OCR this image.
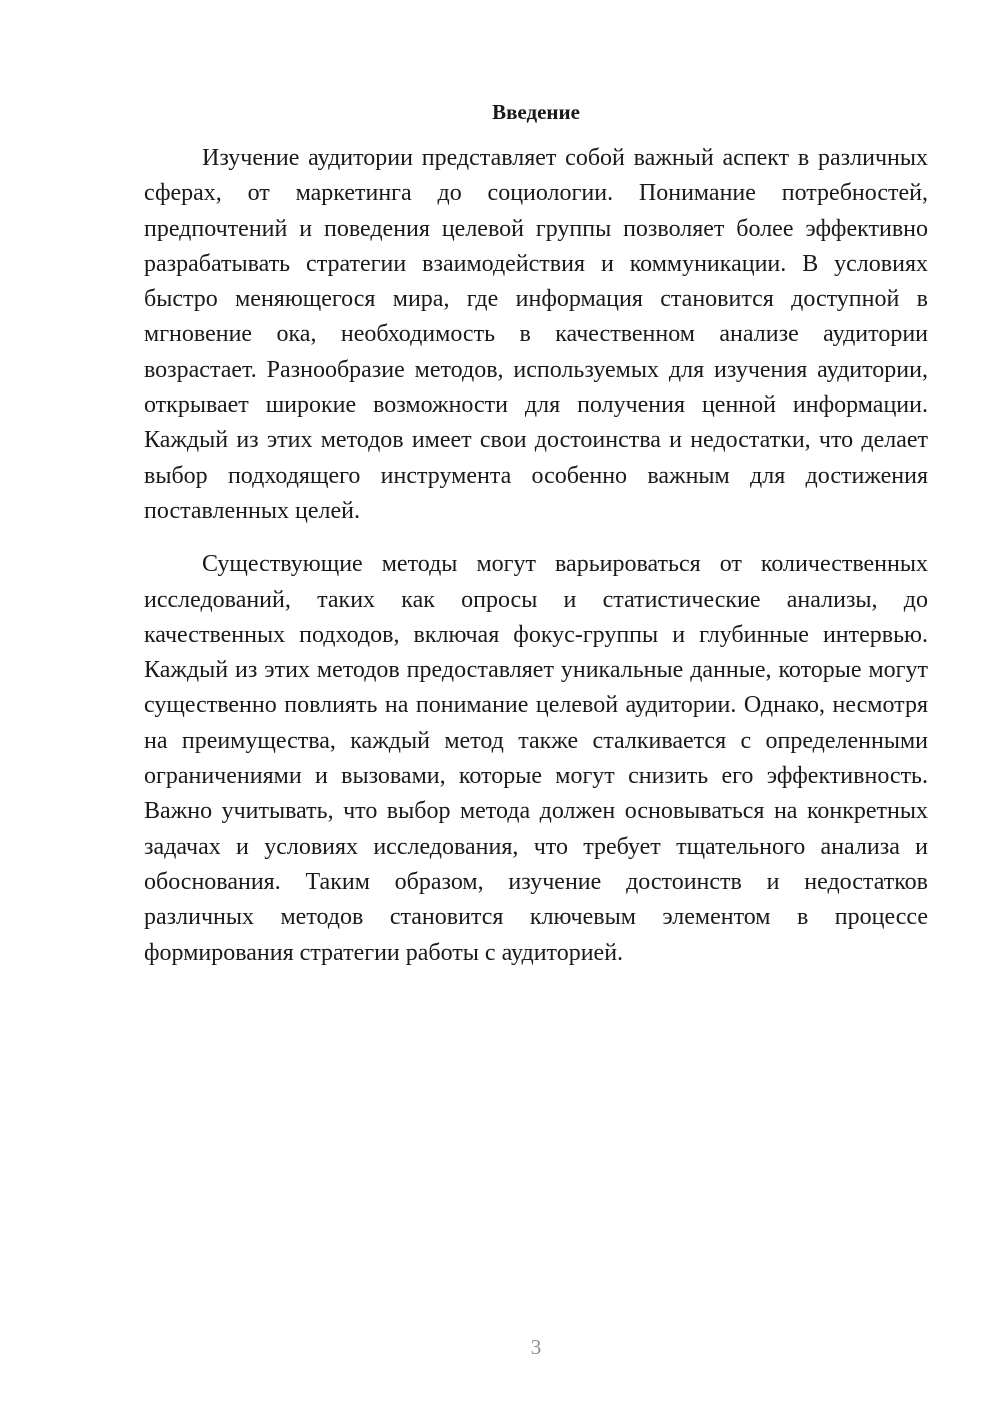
Введение

Изучение аудитории представляет собой важный аспект в различных сферах, от маркетинга до социологии. Понимание потребностей, предпочтений и поведения целевой группы позволяет более эффективно разрабатывать стратегии взаимодействия и коммуникации. В условиях быстро меняющегося мира, где информация становится доступной в мгновение ока, необходимость в качественном анализе аудитории возрастает. Разнообразие методов, используемых для изучения аудитории, открывает широкие возможности для получения ценной информации. Каждый из этих методов имеет свои достоинства и недостатки, что делает выбор подходящего инструмента особенно важным для достижения поставленных целей.

Существующие методы могут варьироваться от количественных исследований, таких как опросы и статистические анализы, до качественных подходов, включая фокус-группы и глубинные интервью. Каждый из этих методов предоставляет уникальные данные, которые могут существенно повлиять на понимание целевой аудитории. Однако, несмотря на преимущества, каждый метод также сталкивается с определенными ограничениями и вызовами, которые могут снизить его эффективность. Важно учитывать, что выбор метода должен основываться на конкретных задачах и условиях исследования, что требует тщательного анализа и обоснования. Таким образом, изучение достоинств и недостатков различных методов становится ключевым элементом в процессе формирования стратегии работы с аудиторией.

3
